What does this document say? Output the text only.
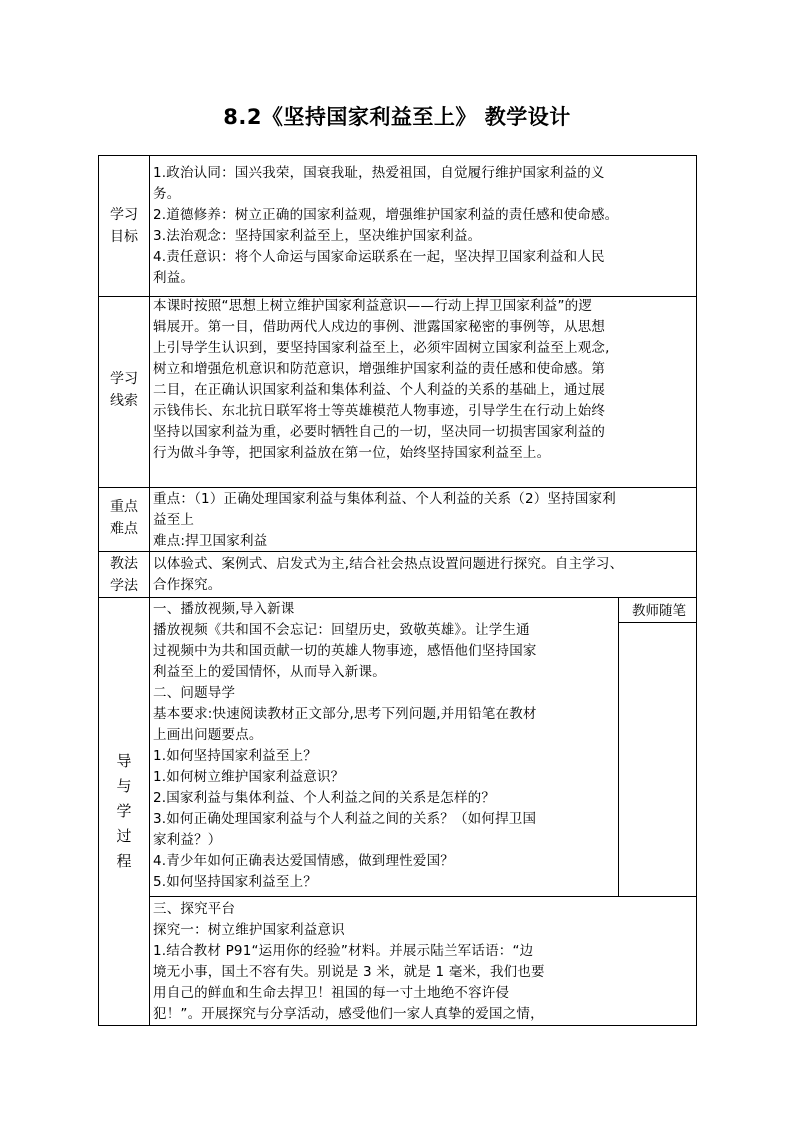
8.2《坚持国家利益至上》 教学设计
学习
目标

1.政治认同：国兴我荣，国衰我耻，热爱祖国，自觉履行维护国家利益的义

务。

2.道德修养：树立正确的国家利益观，增强维护国家利益的责任感和使命感。

3.法治观念：坚持国家利益至上，坚决维护国家利益。

4.责任意识：将个人命运与国家命运联系在一起，坚决捍卫国家利益和人民

利益。

学习
线索

本课时按照“思想上树立维护国家利益意识——行动上捍卫国家利益”的逻

辑展开。第一目，借助两代人戍边的事例、泄露国家秘密的事例等，从思想

上引导学生认识到，要坚持国家利益至上，必须牢固树立国家利益至上观念,

树立和增强危机意识和防范意识，增强维护国家利益的责任感和使命感。第

二目，在正确认识国家利益和集体利益、个人利益的关系的基础上，通过展

示钱伟长、东北抗日联军将士等英雄模范人物事迹，引导学生在行动上始终

坚持以国家利益为重，必要时牺牲自己的一切，坚决同一切损害国家利益的

行为做斗争等，把国家利益放在第一位，始终坚持国家利益至上。

重点
难点

重点：（1）正确处理国家利益与集体利益、个人利益的关系（2）坚持国家利

益至上

难点:捍卫国家利益

教法
学法

以体验式、案例式、启发式为主,结合社会热点设置问题进行探究。自主学习、

合作探究。

导
与
学
过
程
教师随笔

一、播放视频,导入新课

播放视频《共和国不会忘记：回望历史，致敬英雄》。让学生通

过视频中为共和国贡献一切的英雄人物事迹，感悟他们坚持国家

利益至上的爱国情怀，从而导入新课。

二、问题导学

基本要求:快速阅读教材正文部分,思考下列问题,并用铅笔在教材

上画出问题要点。

1.如何坚持国家利益至上？

1.如何树立维护国家利益意识？

2.国家利益与集体利益、个人利益之间的关系是怎样的？

3.如何正确处理国家利益与个人利益之间的关系？（如何捍卫国

家利益？）

4.青少年如何正确表达爱国情感，做到理性爱国？

5.如何坚持国家利益至上？

三、探究平台

探究一：树立维护国家利益意识

1.结合教材 P91“运用你的经验”材料。并展示陆兰军话语：“边

境无小事，国土不容有失。别说是 3 米，就是 1 毫米，我们也要

用自己的鲜血和生命去捍卫！祖国的每一寸土地绝不容许侵

犯！”。开展探究与分享活动，感受他们一家人真挚的爱国之情，
